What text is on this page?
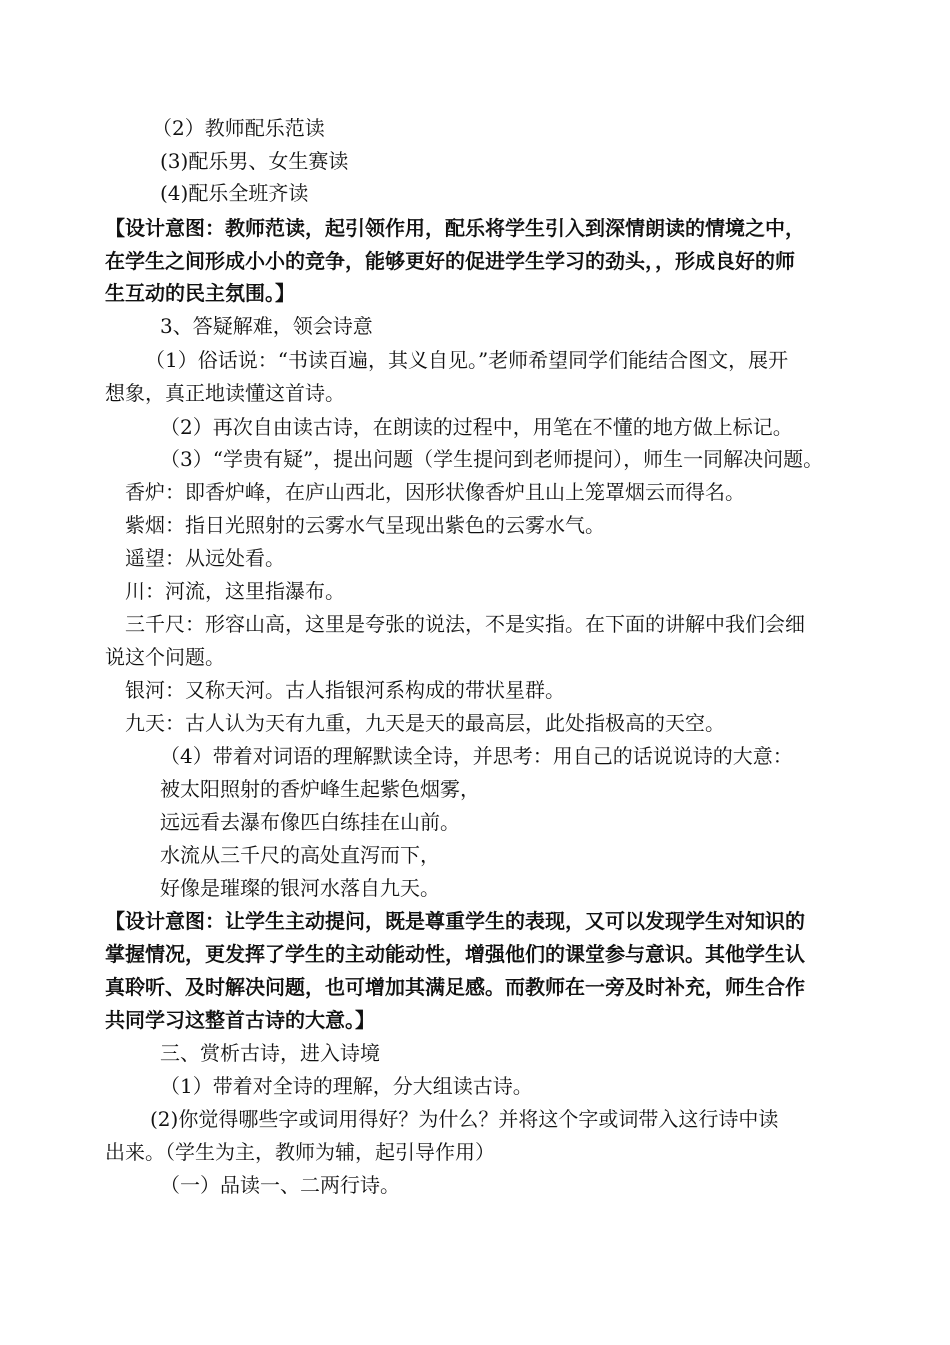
（2）教师配乐范读
(3)配乐男、女生赛读
(4)配乐全班齐读
【设计意图：教师范读，起引领作用，配乐将学生引入到深情朗读的情境之中，
在学生之间形成小小的竞争，能够更好的促进学生学习的劲头，，形成良好的师
生互动的民主氛围。】
3、答疑解难，领会诗意
（1）俗话说：“书读百遍，其义自见。”老师希望同学们能结合图文，展开
想象，真正地读懂这首诗。
（2）再次自由读古诗，在朗读的过程中，用笔在不懂的地方做上标记。
（3）“学贵有疑”，提出问题（学生提问到老师提问），师生一同解决问题。
香炉：即香炉峰，在庐山西北，因形状像香炉且山上笼罩烟云而得名。
紫烟：指日光照射的云雾水气呈现出紫色的云雾水气。
遥望：从远处看。
川：河流，这里指瀑布。
三千尺：形容山高，这里是夸张的说法，不是实指。在下面的讲解中我们会细
说这个问题。
银河：又称天河。古人指银河系构成的带状星群。
九天：古人认为天有九重，九天是天的最高层，此处指极高的天空。
（4）带着对词语的理解默读全诗，并思考：用自己的话说说诗的大意：
被太阳照射的香炉峰生起紫色烟雾，
远远看去瀑布像匹白练挂在山前。
水流从三千尺的高处直泻而下，
好像是璀璨的银河水落自九天。
【设计意图：让学生主动提问，既是尊重学生的表现，又可以发现学生对知识的
掌握情况，更发挥了学生的主动能动性，增强他们的课堂参与意识。其他学生认
真聆听、及时解决问题，也可增加其满足感。而教师在一旁及时补充，师生合作
共同学习这整首古诗的大意。】
三、赏析古诗，进入诗境
（1）带着对全诗的理解，分大组读古诗。
(2)你觉得哪些字或词用得好？为什么？并将这个字或词带入这行诗中读
出来。（学生为主，教师为辅，起引导作用）
（一）品读一、二两行诗。
